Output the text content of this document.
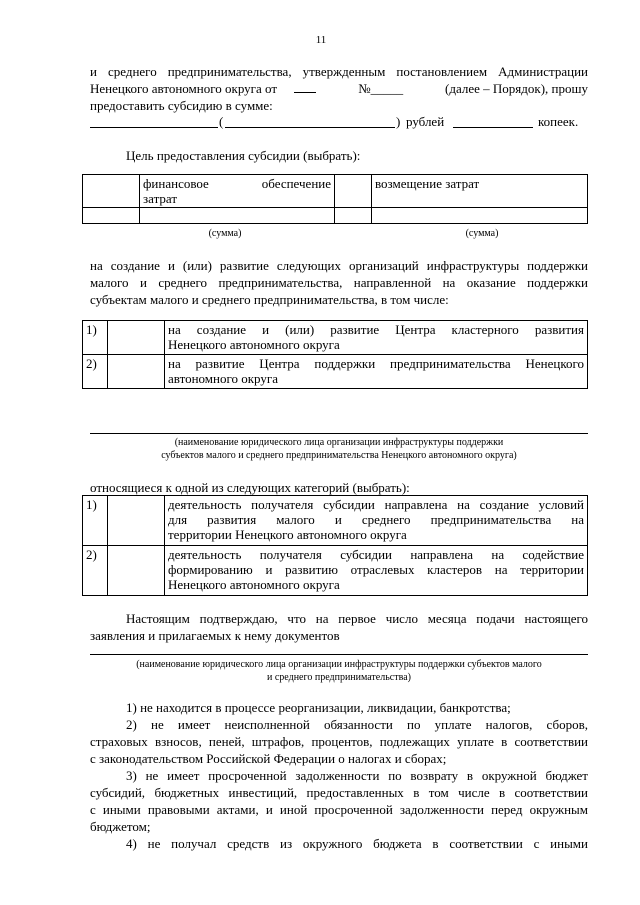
11
и среднего предпринимательства, утвержденным постановлением Администрации
Ненецкого автономного округа от	№_____	(далее – Порядок), прошу
предоставить субсидию в сумме:
(	) рублей	копеек.
Цель предоставления субсидии (выбрать):

	финансовое обеспечение
затрат		возмещение затрат

(сумма)	(сумма)
на создание и (или) развитие следующих организаций инфраструктуры поддержки
малого и среднего предпринимательства, направленной на оказание поддержки
субъектам малого и среднего предпринимательства, в том числе:
1)		на создание и (или) развитие Центра кластерного развития
Ненецкого автономного округа

2)		на развитие Центра поддержки предпринимательства Ненецкого
автономного округа
(наименование юридического лица организации инфраструктуры поддержки
субъектов малого и среднего предпринимательства Ненецкого автономного округа)
относящиеся к одной из следующих категорий (выбрать):
1)		деятельность получателя субсидии направлена на создание условий
для развития малого и среднего предпринимательства на
территории Ненецкого автономного округа

2)		деятельность получателя субсидии направлена на содействие
формированию и развитию отраслевых кластеров на территории
Ненецкого автономного округа
Настоящим подтверждаю, что на первое число месяца подачи настоящего
заявления и прилагаемых к нему документов
(наименование юридического лица организации инфраструктуры поддержки субъектов малого
и среднего предпринимательства)
1) не находится в процессе реорганизации, ликвидации, банкротства;
2) не имеет неисполненной обязанности по уплате налогов, сборов,
страховых взносов, пеней, штрафов, процентов, подлежащих уплате в соответствии
с законодательством Российской Федерации о налогах и сборах;
3) не имеет просроченной задолженности по возврату в окружной бюджет
субсидий, бюджетных инвестиций, предоставленных в том числе в соответствии
с иными правовыми актами, и иной просроченной задолженности перед окружным
бюджетом;
4) не получал средств из окружного бюджета в соответствии с иными
